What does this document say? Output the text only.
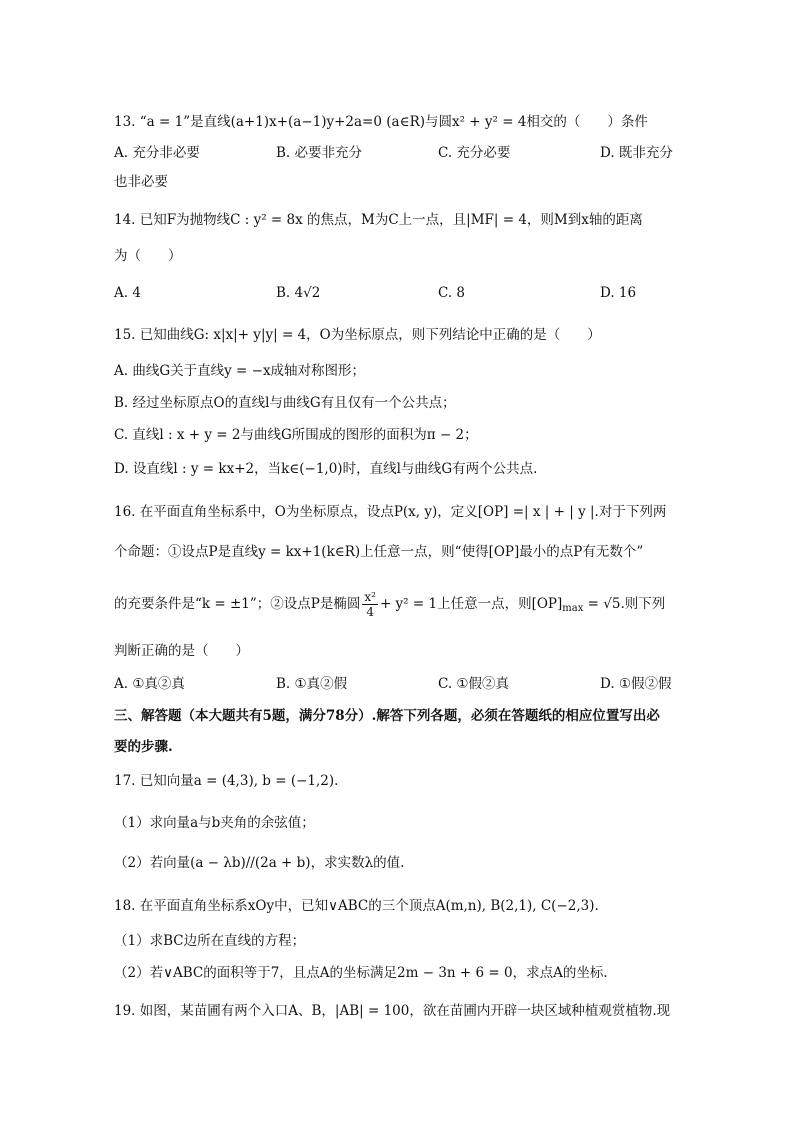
13. “a = 1”是直线(a+1)x+(a−1)y+2a=0 (a∈R)与圆x² + y² = 4相交的（　　）条件
A. 充分非必要	B. 必要非充分	C. 充分必要	D. 既非充分
也非必要
14. 已知F为抛物线C : y² = 8x 的焦点，M为C上一点，且|MF| = 4，则M到x轴的距离
为（　　）
A. 4	B. 4√2	C. 8	D. 16
15. 已知曲线G: x|x|+ y|y| = 4，O为坐标原点，则下列结论中正确的是（　　）
A. 曲线G关于直线y = −x成轴对称图形；
B. 经过坐标原点O的直线l与曲线G有且仅有一个公共点；
C. 直线l : x + y = 2与曲线G所围成的图形的面积为π − 2；
D. 设直线l : y = kx+2，当k∈(−1,0)时，直线l与曲线G有两个公共点.
16. 在平面直角坐标系中，O为坐标原点，设点P(x, y)，定义[OP] =| x | + | y |.对于下列两
个命题：①设点P是直线y = kx+1(k∈R)上任意一点，则“使得[OP]最小的点P有无数个”
的充要条件是“k = ±1”；②设点P是椭圆 $\frac{\text{x²}}{4} + y^2 = 1$上任意一点，则$[OP]_{max} = √5$.则下列
判断正确的是（　　）
A. ①真②真	B. ①真②假	C. ①假②真	D. ①假②假
三、解答题（本大题共有5题，满分78分）.解答下列各题，必须在答题纸的相应位置写出必
要的步骤.
17. 已知向量a = (4,3), b = (−1,2).
（1）求向量a与b夹角的余弦值；
（2）若向量(a − λb)//(2a + b)，求实数λ的值.
18. 在平面直角坐标系xOy中，已知∨ABC的三个顶点A(m,n), B(2,1), C(−2,3).
（1）求BC边所在直线的方程；
（2）若∨ABC的面积等于7，且点A的坐标满足2m − 3n + 6 = 0，求点A的坐标.
19. 如图，某苗圃有两个入口A、B，|AB| = 100，欲在苗圃内开辟一块区域种植观赏植物.现
